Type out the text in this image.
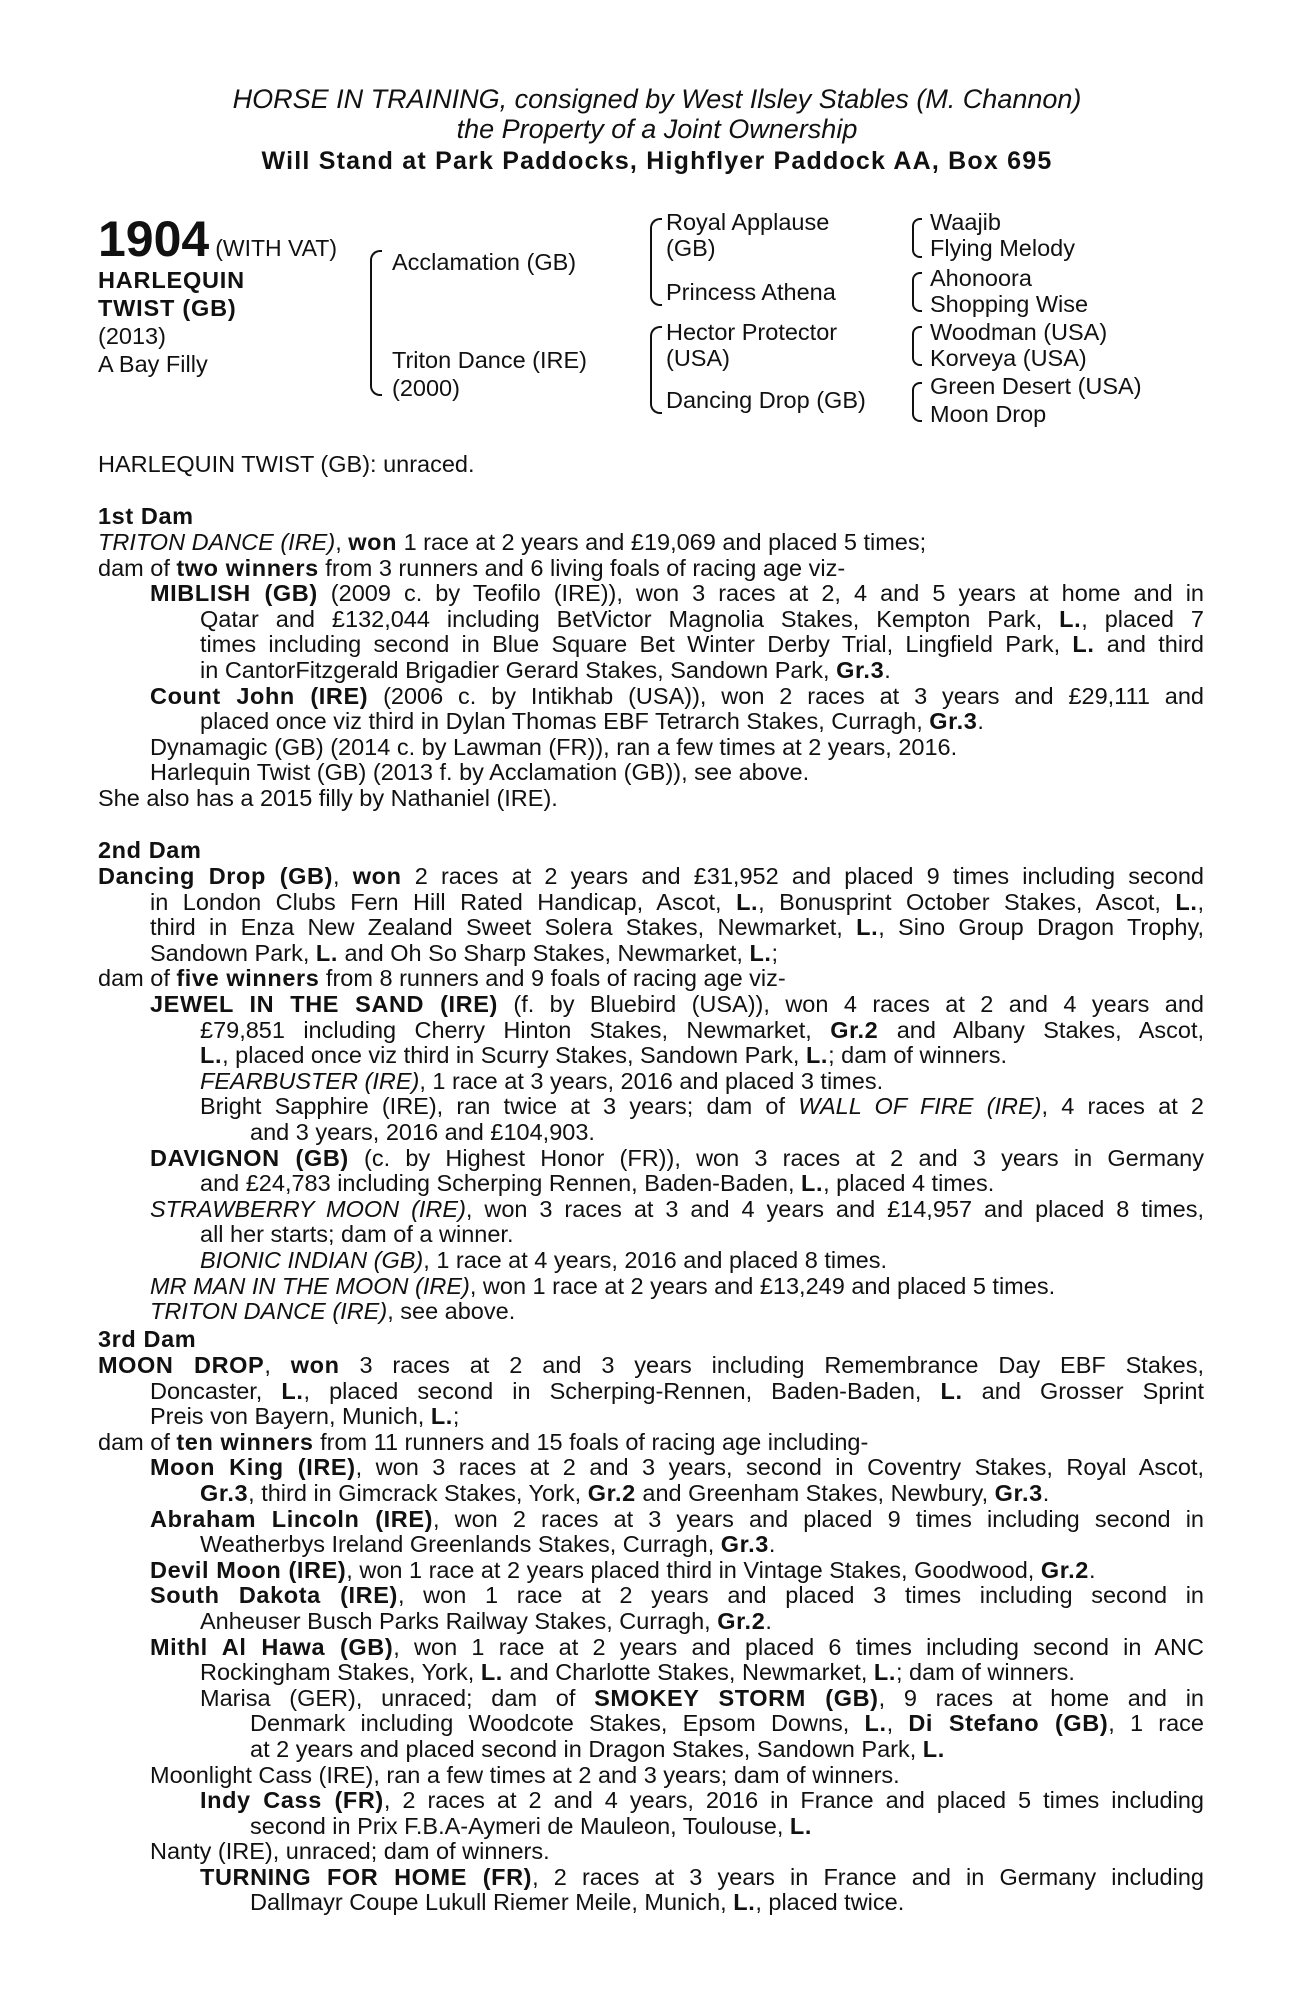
HORSE IN TRAINING, consigned by West Ilsley Stables (M. Channon)
the Property of a Joint Ownership
Will Stand at Park Paddocks, Highflyer Paddock AA, Box 695
1904 (WITH VAT)
HARLEQUIN
TWIST (GB)
(2013)
A Bay Filly
Acclamation (GB)
Triton Dance (IRE)
(2000)
Royal Applause
(GB)
Princess Athena
Hector Protector
(USA)
Dancing Drop (GB)
Waajib
Flying Melody
Ahonoora
Shopping Wise
Woodman (USA)
Korveya (USA)
Green Desert (USA)
Moon Drop
HARLEQUIN TWIST (GB): unraced.
1st Dam
TRITON DANCE (IRE), won 1 race at 2 years and £19,069 and placed 5 times;
dam of two winners from 3 runners and 6 living foals of racing age viz-
MIBLISH (GB) (2009 c. by Teofilo (IRE)), won 3 races at 2, 4 and 5 years at home and in
Qatar and £132,044 including BetVictor Magnolia Stakes, Kempton Park, L., placed 7
times including second in Blue Square Bet Winter Derby Trial, Lingfield Park, L. and third
in CantorFitzgerald Brigadier Gerard Stakes, Sandown Park, Gr.3.
Count John (IRE) (2006 c. by Intikhab (USA)), won 2 races at 3 years and £29,111 and
placed once viz third in Dylan Thomas EBF Tetrarch Stakes, Curragh, Gr.3.
Dynamagic (GB) (2014 c. by Lawman (FR)), ran a few times at 2 years, 2016.
Harlequin Twist (GB) (2013 f. by Acclamation (GB)), see above.
She also has a 2015 filly by Nathaniel (IRE).
2nd Dam
Dancing Drop (GB), won 2 races at 2 years and £31,952 and placed 9 times including second
in London Clubs Fern Hill Rated Handicap, Ascot, L., Bonusprint October Stakes, Ascot, L.,
third in Enza New Zealand Sweet Solera Stakes, Newmarket, L., Sino Group Dragon Trophy,
Sandown Park, L. and Oh So Sharp Stakes, Newmarket, L.;
dam of five winners from 8 runners and 9 foals of racing age viz-
JEWEL IN THE SAND (IRE) (f. by Bluebird (USA)), won 4 races at 2 and 4 years and
£79,851 including Cherry Hinton Stakes, Newmarket, Gr.2 and Albany Stakes, Ascot,
L., placed once viz third in Scurry Stakes, Sandown Park, L.; dam of winners.
FEARBUSTER (IRE), 1 race at 3 years, 2016 and placed 3 times.
Bright Sapphire (IRE), ran twice at 3 years; dam of WALL OF FIRE (IRE), 4 races at 2
and 3 years, 2016 and £104,903.
DAVIGNON (GB) (c. by Highest Honor (FR)), won 3 races at 2 and 3 years in Germany
and £24,783 including Scherping Rennen, Baden-Baden, L., placed 4 times.
STRAWBERRY MOON (IRE), won 3 races at 3 and 4 years and £14,957 and placed 8 times,
all her starts; dam of a winner.
BIONIC INDIAN (GB), 1 race at 4 years, 2016 and placed 8 times.
MR MAN IN THE MOON (IRE), won 1 race at 2 years and £13,249 and placed 5 times.
TRITON DANCE (IRE), see above.
3rd Dam
MOON DROP, won 3 races at 2 and 3 years including Remembrance Day EBF Stakes,
Doncaster, L., placed second in Scherping-Rennen, Baden-Baden, L. and Grosser Sprint
Preis von Bayern, Munich, L.;
dam of ten winners from 11 runners and 15 foals of racing age including-
Moon King (IRE), won 3 races at 2 and 3 years, second in Coventry Stakes, Royal Ascot,
Gr.3, third in Gimcrack Stakes, York, Gr.2 and Greenham Stakes, Newbury, Gr.3.
Abraham Lincoln (IRE), won 2 races at 3 years and placed 9 times including second in
Weatherbys Ireland Greenlands Stakes, Curragh, Gr.3.
Devil Moon (IRE), won 1 race at 2 years placed third in Vintage Stakes, Goodwood, Gr.2.
South Dakota (IRE), won 1 race at 2 years and placed 3 times including second in
Anheuser Busch Parks Railway Stakes, Curragh, Gr.2.
Mithl Al Hawa (GB), won 1 race at 2 years and placed 6 times including second in ANC
Rockingham Stakes, York, L. and Charlotte Stakes, Newmarket, L.; dam of winners.
Marisa (GER), unraced; dam of SMOKEY STORM (GB), 9 races at home and in
Denmark including Woodcote Stakes, Epsom Downs, L., Di Stefano (GB), 1 race
at 2 years and placed second in Dragon Stakes, Sandown Park, L.
Moonlight Cass (IRE), ran a few times at 2 and 3 years; dam of winners.
Indy Cass (FR), 2 races at 2 and 4 years, 2016 in France and placed 5 times including
second in Prix F.B.A-Aymeri de Mauleon, Toulouse, L.
Nanty (IRE), unraced; dam of winners.
TURNING FOR HOME (FR), 2 races at 3 years in France and in Germany including
Dallmayr Coupe Lukull Riemer Meile, Munich, L., placed twice.
